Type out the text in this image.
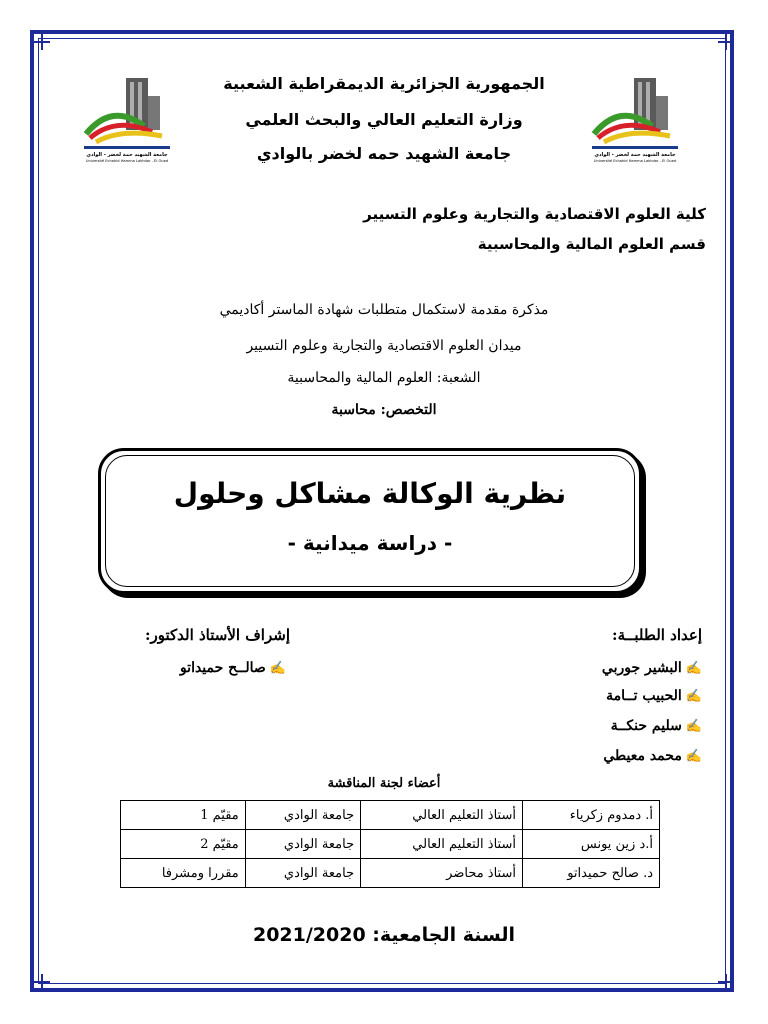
جامعة الشهيد حمة لخضر - الوادي
Université Echahid Hamma Lakhdar - El Oued
جامعة الشهيد حمة لخضر - الوادي
Université Echahid Hamma Lakhdar - El Oued
الجمهورية الجزائرية الديمقراطية الشعبية
وزارة التعليم العالي والبحث العلمي
جامعة الشهيد حمه لخضر بالوادي
كلية العلوم الاقتصادية والتجارية وعلوم التسيير
قسم العلوم المالية والمحاسبية
مذكرة مقدمة لاستكمال متطلبات شهادة الماستر أكاديمي
ميدان العلوم الاقتصادية والتجارية وعلوم التسيير
الشعبة: العلوم المالية والمحاسبية
التخصص: محاسبة
نظرية الوكالة مشاكل وحلول
- دراسة ميدانية -
إعداد الطلبــة:
إشراف الأستاذ الدكتور:
✍البشير جوربي
✍الحبيب تــامة
✍سليم حنكــة
✍محمد معيطي
✍صالــح حميداتو
أعضاء لجنة المناقشة
أ. دمدوم زكرياء	أستاذ التعليم العالي	جامعة الوادي	مقيّم 1
أ.د زين يونس	أستاذ التعليم العالي	جامعة الوادي	مقيّم 2
د. صالح حميداتو	أستاذ محاضر	جامعة الوادي	مقررا ومشرفا
السنة الجامعية: 2021/2020
